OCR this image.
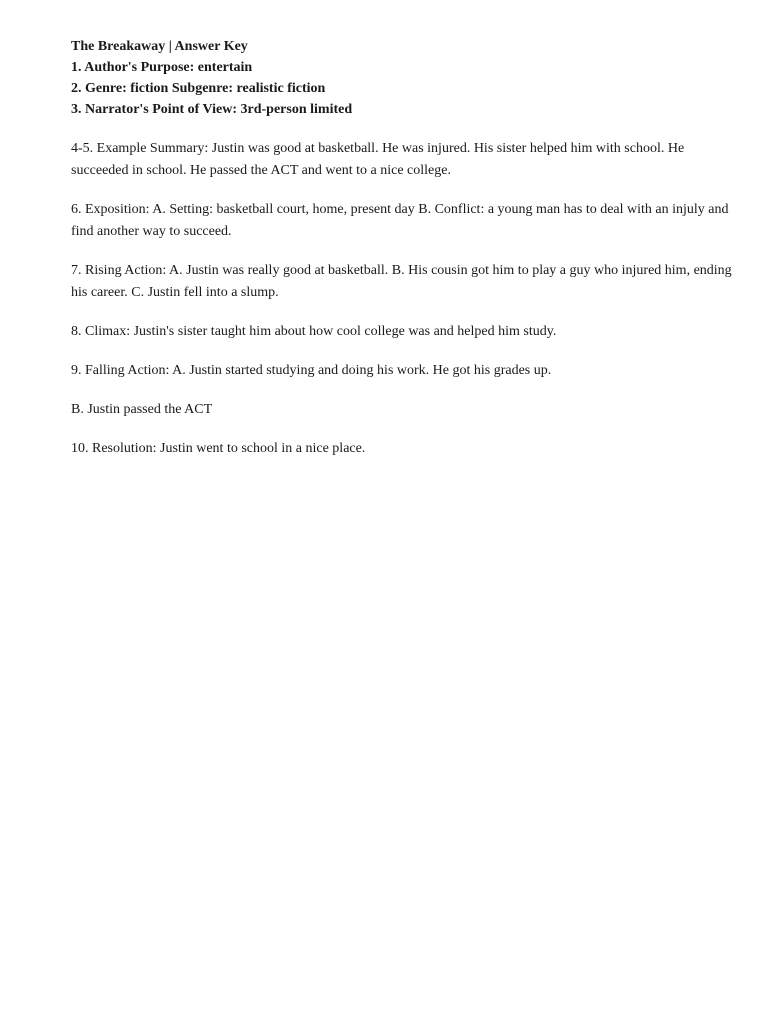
The Breakaway | Answer Key

1. Author's Purpose: entertain

2. Genre: fiction Subgenre: realistic fiction

3. Narrator's Point of View: 3rd-person limited

4-5. Example Summary: Justin was good at basketball. He was injured. His sister helped him with school. He succeeded in school. He passed the ACT and went to a nice college.

6. Exposition: A. Setting: basketball court, home, present day B. Conflict: a young man has to deal with an injuly and find another way to succeed.

7. Rising Action: A. Justin was really good at basketball. B. His cousin got him to play a guy who injured him, ending his career. C. Justin fell into a slump.

8. Climax: Justin's sister taught him about how cool college was and helped him study.

9. Falling Action: A. Justin started studying and doing his work. He got his grades up.

B. Justin passed the ACT

10. Resolution: Justin went to school in a nice place.
